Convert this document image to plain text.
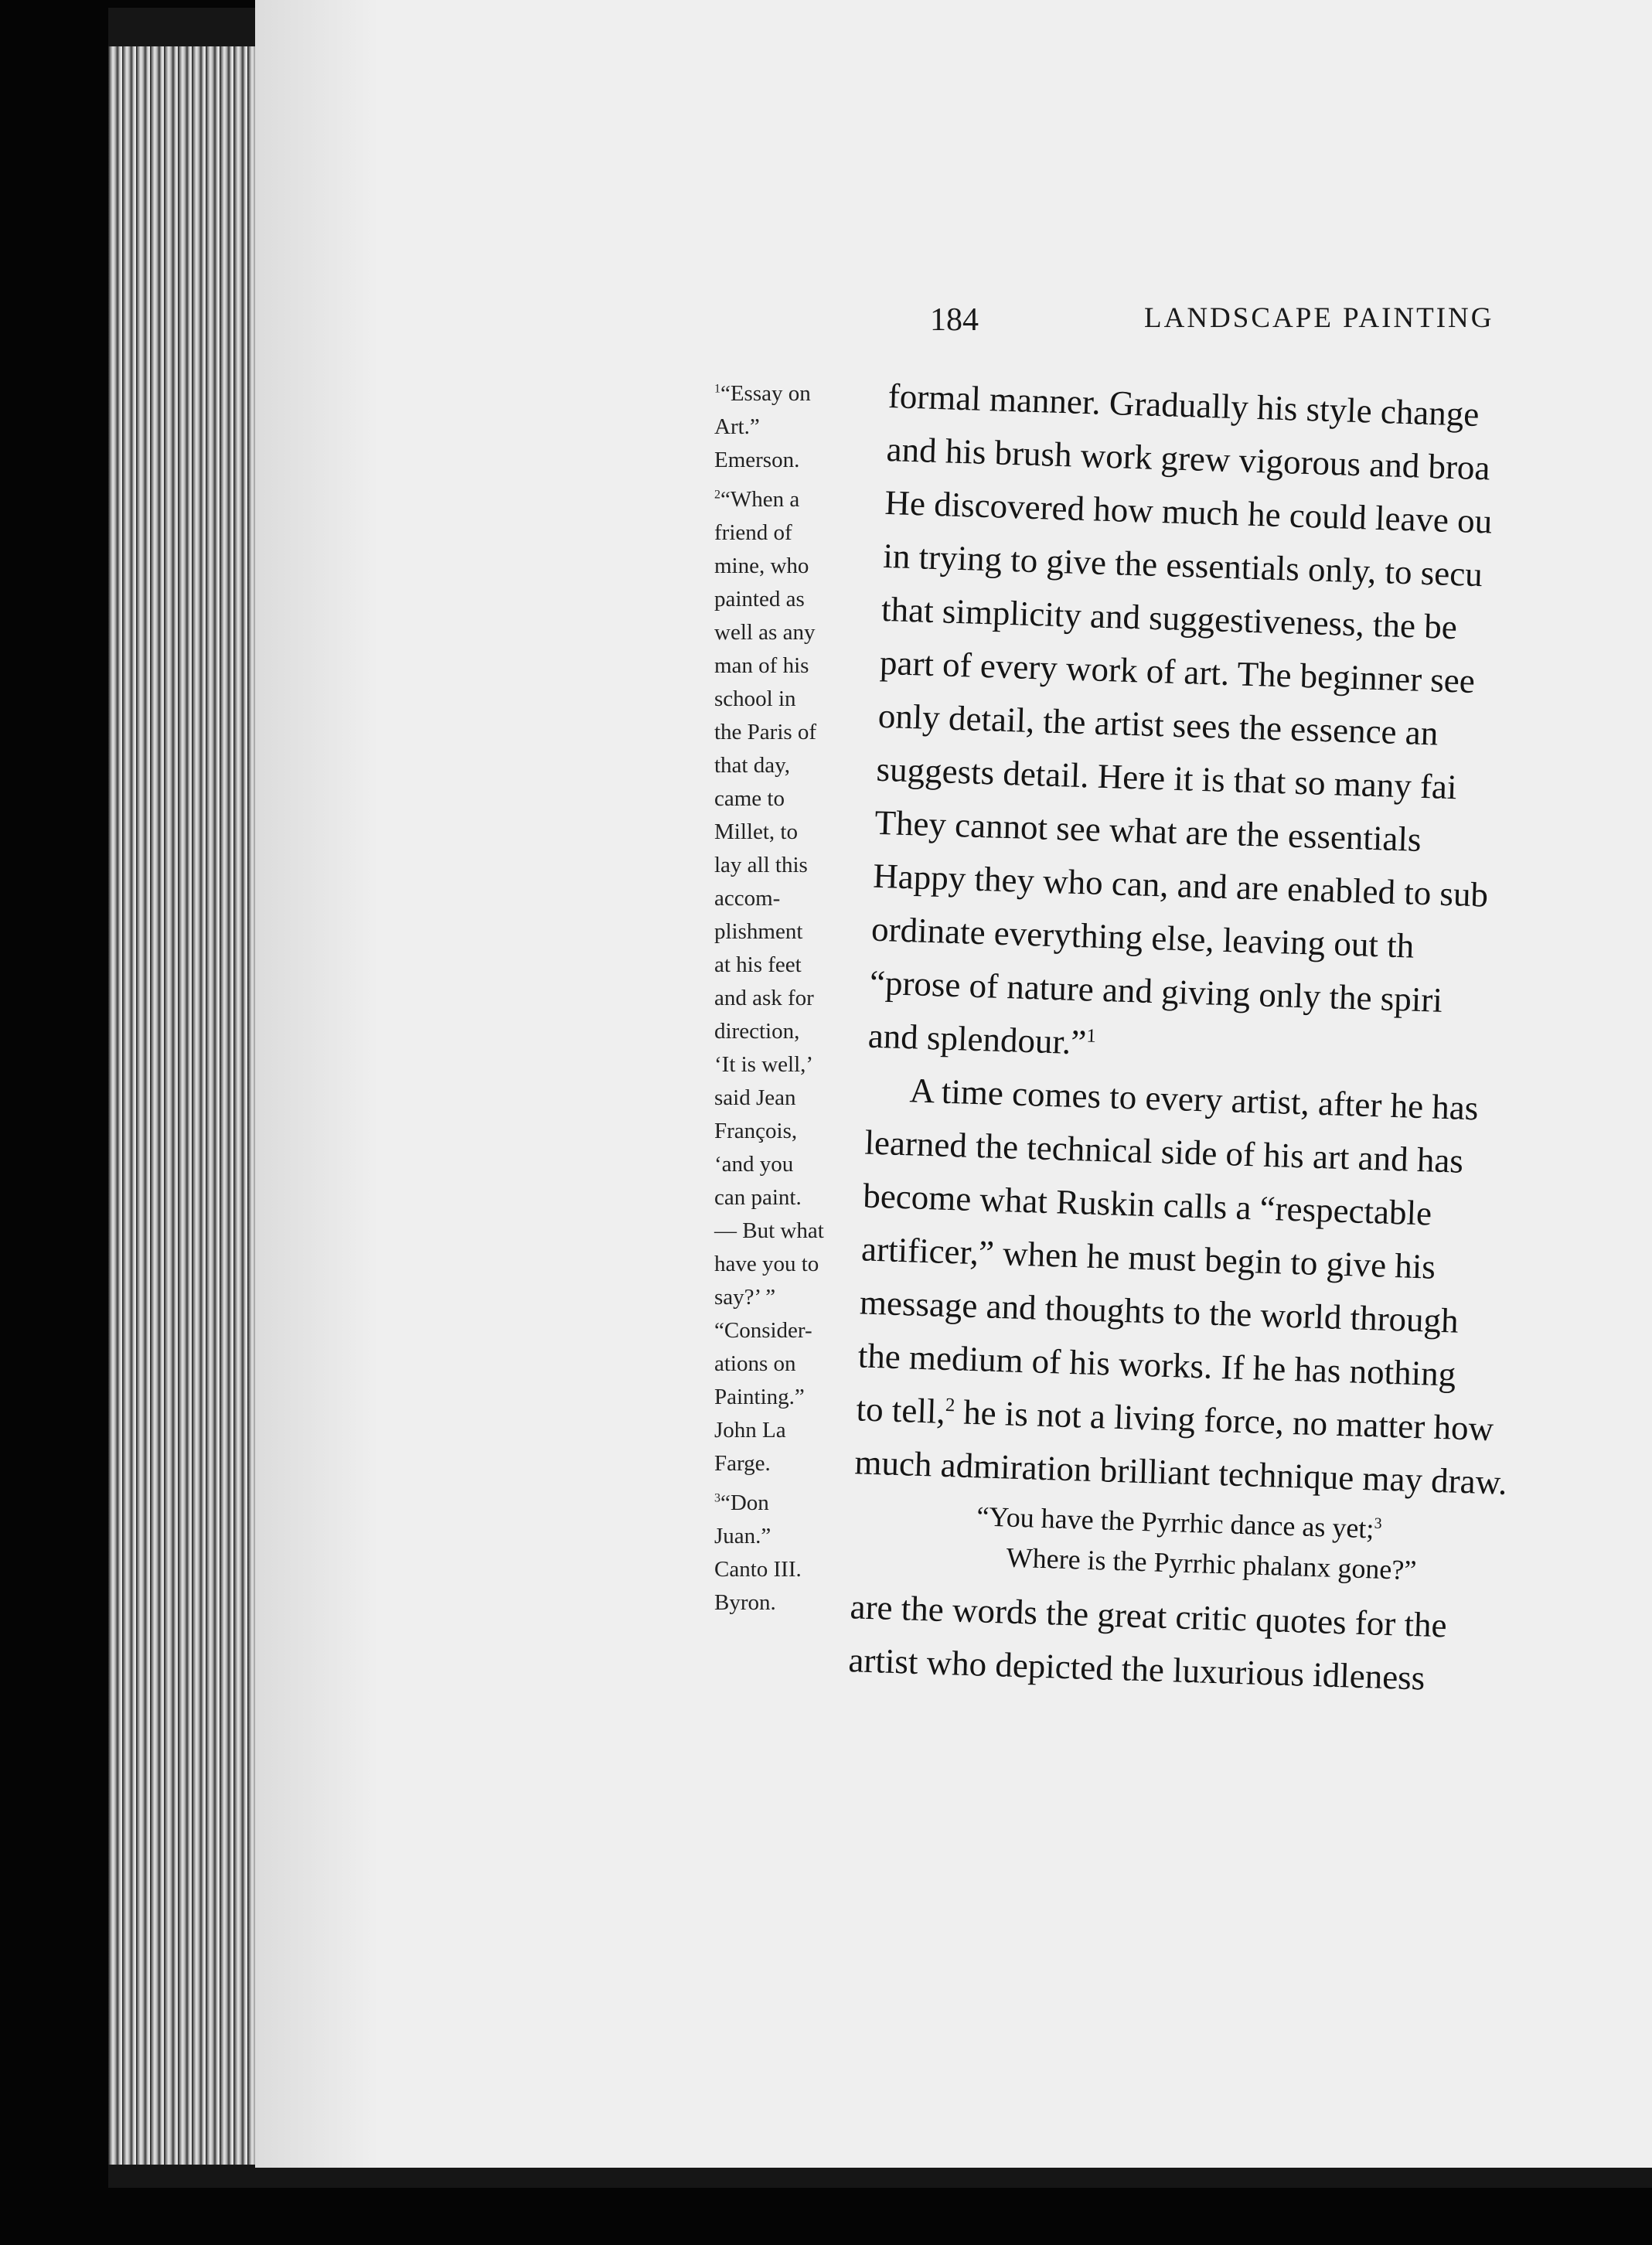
184	LANDSCAPE PAINTING
$^1$“Essay on
Art.”
Emerson.
$^2$“When a
friend of
mine, who
painted as
well as any
man of his
school in
the Paris of
that day,
came to
Millet, to
lay all this
accom-
plishment
at his feet
and ask for
direction,
‘It is well,’
said Jean
François,
‘and you
can paint.
— But what
have you to
say?’ ”
“Consider-
ations on
Painting.”
John La
Farge.
$^3$“Don
Juan.”
Canto III.
Byron.
formal manner. Gradually his style change
and his brush work grew vigorous and broa
He discovered how much he could leave ou
in trying to give the essentials only, to secu
that simplicity and suggestiveness, the be
part of every work of art. The beginner see
only detail, the artist sees the essence an
suggests detail. Here it is that so many fai
They cannot see what are the essentials
Happy they who can, and are enabled to sub
ordinate everything else, leaving out th
“prose of nature and giving only the spiri
and splendour.”$^1$
A time comes to every artist, after he has
learned the technical side of his art and has
become what Ruskin calls a “respectable
artificer,” when he must begin to give his
message and thoughts to the world through
the medium of his works. If he has nothing
to tell,$^2$ he is not a living force, no matter how
much admiration brilliant technique may draw.
“You have the Pyrrhic dance as yet;$^3$
Where is the Pyrrhic phalanx gone?”
are the words the great critic quotes for the
artist who depicted the luxurious idleness
